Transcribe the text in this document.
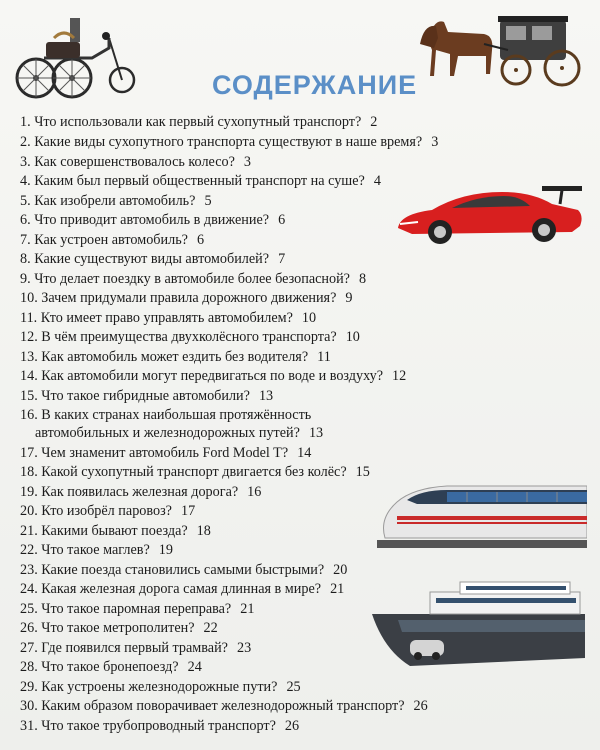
СОДЕРЖАНИЕ
1. Что использовали как первый сухопутный транспорт? 2
2. Какие виды сухопутного транспорта существуют в наше время? 3
3. Как совершенствовалось колесо? 3
4. Каким был первый общественный транспорт на суше? 4
5. Как изобрели автомобиль? 5
6. Что приводит автомобиль в движение? 6
7. Как устроен автомобиль? 6
8. Какие существуют виды автомобилей? 7
9. Что делает поездку в автомобиле более безопасной? 8
10. Зачем придумали правила дорожного движения? 9
11. Кто имеет право управлять автомобилем? 10
12. В чём преимущества двухколёсного транспорта? 10
13. Как автомобиль может ездить без водителя? 11
14. Как автомобили могут передвигаться по воде и воздуху? 12
15. Что такое гибридные автомобили? 13
16. В каких странах наибольшая протяжённость
автомобильных и железнодорожных путей? 13
17. Чем знаменит автомобиль Ford Model T? 14
18. Какой сухопутный транспорт двигается без колёс? 15
19. Как появилась железная дорога? 16
20. Кто изобрёл паровоз? 17
21. Какими бывают поезда? 18
22. Что такое маглев? 19
23. Какие поезда становились самыми быстрыми? 20
24. Какая железная дорога самая длинная в мире? 21
25. Что такое паромная переправа? 21
26. Что такое метрополитен? 22
27. Где появился первый трамвай? 23
28. Что такое бронепоезд? 24
29. Как устроены железнодорожные пути? 25
30. Каким образом поворачивает железнодорожный транспорт? 26
31. Что такое трубопроводный транспорт? 26
